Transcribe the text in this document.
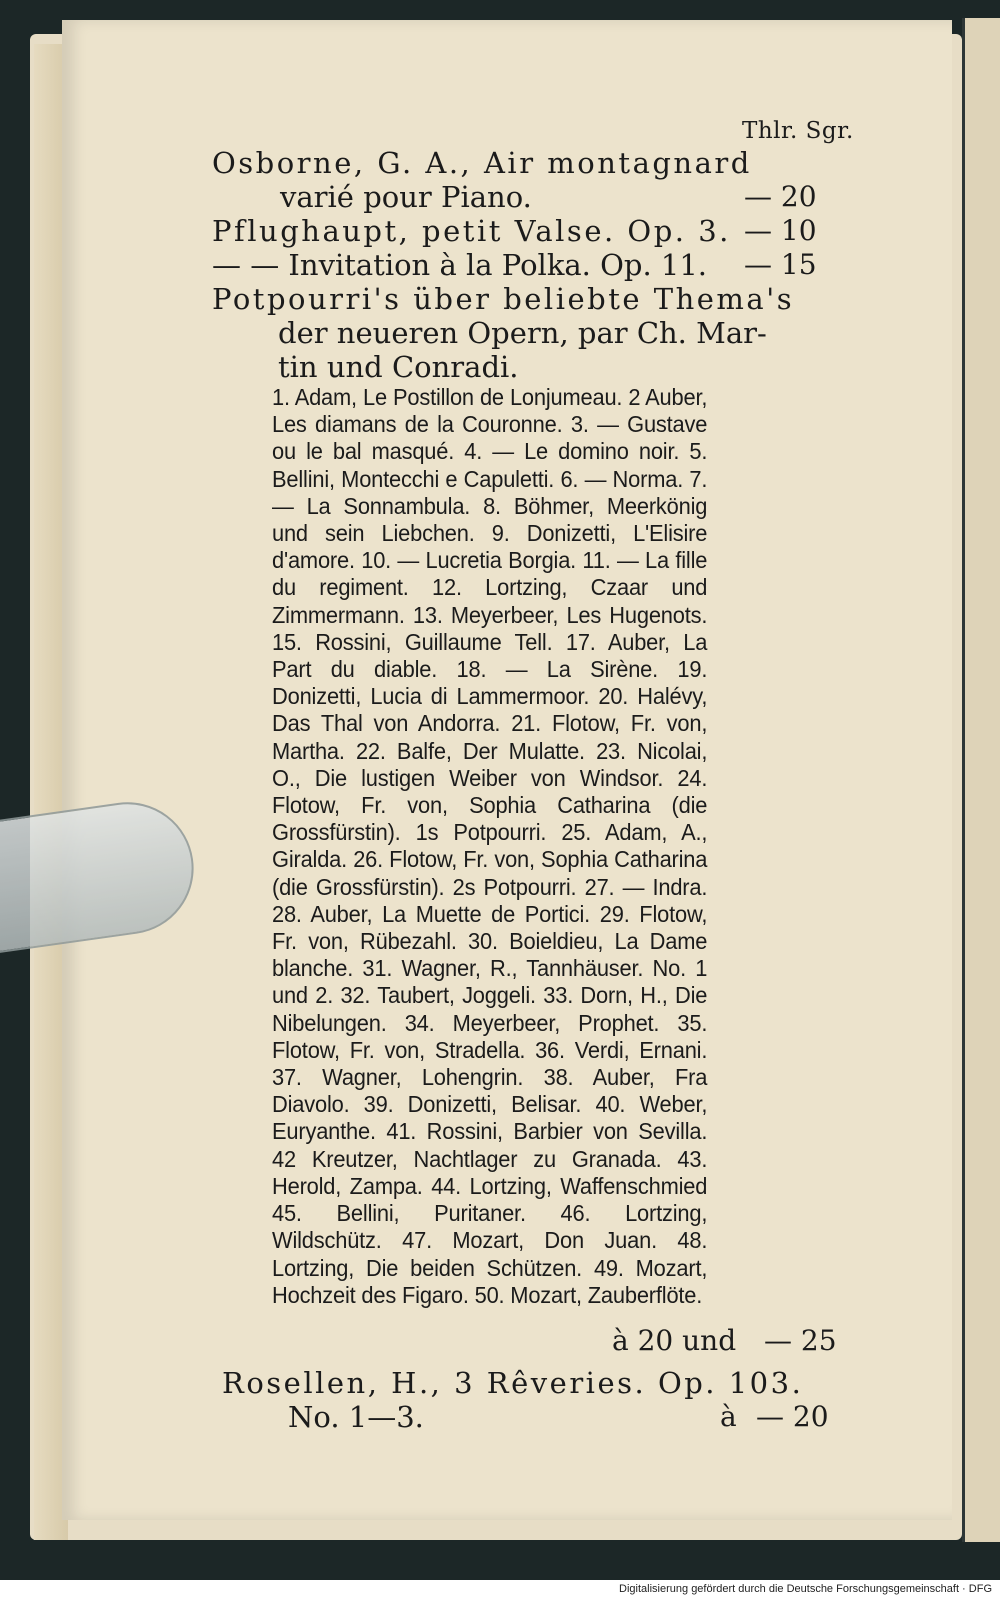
Thlr. Sgr.
Osborne, G. A., Air montagnard
varié pour Piano.	— 20
Pflughaupt, petit Valse. Op. 3. — 10
— — Invitation à la Polka. Op. 11. — 15
Potpourri's über beliebte Thema's
der neueren Opern, par Ch. Mar-
tin und Conradi.
1. Adam, Le Postillon de Lonjumeau. 2 Auber, Les diamans de la Couronne. 3. — Gustave ou le bal masqué. 4. — Le domino noir. 5. Bellini, Montecchi e Capuletti. 6. — Norma. 7. — La Sonnambula. 8. Böhmer, Meerkönig und sein Liebchen. 9. Donizetti, L'Elisire d'amore. 10. — Lucretia Borgia. 11. — La fille du regiment. 12. Lortzing, Czaar und Zimmermann. 13. Meyerbeer, Les Hugenots. 15. Rossini, Guillaume Tell. 17. Auber, La Part du diable. 18. — La Sirène. 19. Donizetti, Lucia di Lammermoor. 20. Halévy, Das Thal von Andorra. 21. Flotow, Fr. von, Martha. 22. Balfe, Der Mulatte. 23. Nicolai, O., Die lustigen Weiber von Windsor. 24. Flotow, Fr. von, Sophia Catharina (die Grossfürstin). 1s Potpourri. 25. Adam, A., Giralda. 26. Flotow, Fr. von, Sophia Catharina (die Grossfürstin). 2s Potpourri. 27. — Indra. 28. Auber, La Muette de Portici. 29. Flotow, Fr. von, Rübezahl. 30. Boieldieu, La Dame blanche. 31. Wagner, R., Tannhäuser. No. 1 und 2. 32. Taubert, Joggeli. 33. Dorn, H., Die Nibelungen. 34. Meyerbeer, Prophet. 35. Flotow, Fr. von, Stradella. 36. Verdi, Ernani. 37. Wagner, Lohengrin. 38. Auber, Fra Diavolo. 39. Donizetti, Belisar. 40. Weber, Euryanthe. 41. Rossini, Barbier von Sevilla. 42 Kreutzer, Nachtlager zu Granada. 43. Herold, Zampa. 44. Lortzing, Waffenschmied 45. Bellini, Puritaner. 46. Lortzing, Wildschütz. 47. Mozart, Don Juan. 48. Lortzing, Die beiden Schützen. 49. Mozart, Hochzeit des Figaro. 50. Mozart, Zauberflöte.
à 20 und — 25
Rosellen, H., 3 Rêveries. Op. 103.
No. 1—3.	à — 20
Digitalisierung gefördert durch die Deutsche Forschungsgemeinschaft · DFG
